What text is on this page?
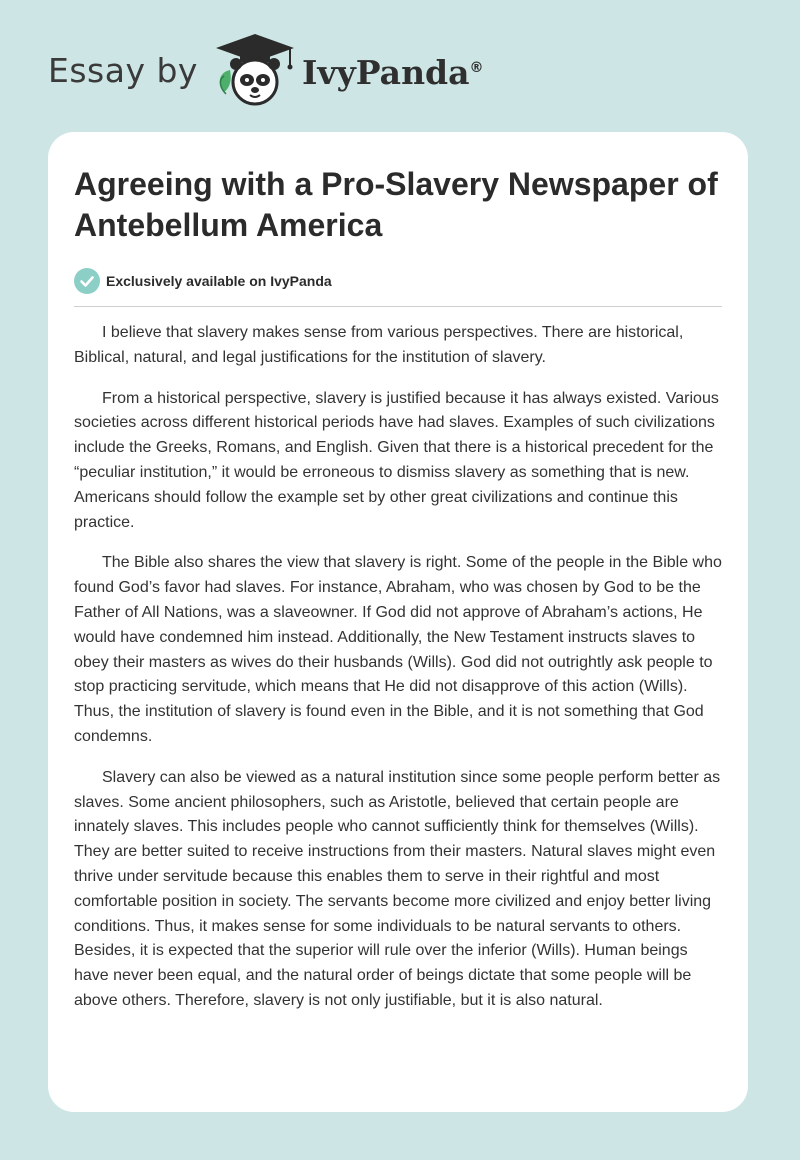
Essay by	IvyPanda®
Agreeing with a Pro-Slavery Newspaper of Antebellum America
Exclusively available on IvyPanda

I believe that slavery makes sense from various perspectives. There are historical, Biblical, natural, and legal justifications for the institution of slavery.

From a historical perspective, slavery is justified because it has always existed. Various societies across different historical periods have had slaves. Examples of such civilizations include the Greeks, Romans, and English. Given that there is a historical precedent for the “peculiar institution,” it would be erroneous to dismiss slavery as something that is new. Americans should follow the example set by other great civilizations and continue this practice.

The Bible also shares the view that slavery is right. Some of the people in the Bible who found God’s favor had slaves. For instance, Abraham, who was chosen by God to be the Father of All Nations, was a slaveowner. If God did not approve of Abraham’s actions, He would have condemned him instead. Additionally, the New Testament instructs slaves to obey their masters as wives do their husbands (Wills). God did not outrightly ask people to stop practicing servitude, which means that He did not disapprove of this action (Wills). Thus, the institution of slavery is found even in the Bible, and it is not something that God condemns.

Slavery can also be viewed as a natural institution since some people perform better as slaves. Some ancient philosophers, such as Aristotle, believed that certain people are innately slaves. This includes people who cannot sufficiently think for themselves (Wills). They are better suited to receive instructions from their masters. Natural slaves might even thrive under servitude because this enables them to serve in their rightful and most comfortable position in society. The servants become more civilized and enjoy better living conditions. Thus, it makes sense for some individuals to be natural servants to others. Besides, it is expected that the superior will rule over the inferior (Wills). Human beings have never been equal, and the natural order of beings dictate that some people will be above others. Therefore, slavery is not only justifiable, but it is also natural.
